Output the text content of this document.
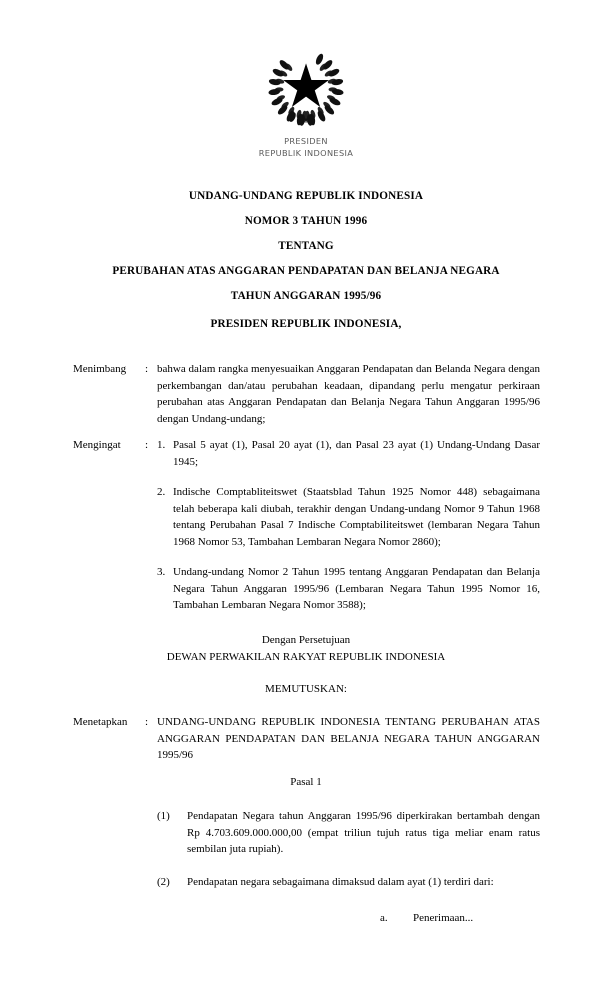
PRESIDEN
REPUBLIK INDONESIA
UNDANG-UNDANG REPUBLIK INDONESIA
NOMOR 3 TAHUN 1996
TENTANG
PERUBAHAN ATAS ANGGARAN PENDAPATAN DAN BELANJA NEGARA
TAHUN ANGGARAN 1995/96
PRESIDEN REPUBLIK INDONESIA,
Menimbang	: bahwa dalam rangka menyesuaikan Anggaran Pendapatan dan Belanda Negara dengan perkembangan dan/atau perubahan keadaan, dipandang perlu mengatur perkiraan perubahan atas Anggaran Pendapatan dan Belanja Negara Tahun Anggaran 1995/96 dengan Undang-undang;
Mengingat	: 1. Pasal 5 ayat (1), Pasal 20 ayat (1), dan Pasal 23 ayat (1) Undang-Undang Dasar 1945;
2. Indische Comptabliteitswet (Staatsblad Tahun 1925 Nomor 448) sebagaimana telah beberapa kali diubah, terakhir dengan Undang-undang Nomor 9 Tahun 1968 tentang Perubahan Pasal 7 Indische Comptabiliteitswet (lembaran Negara Tahun 1968 Nomor 53, Tambahan Lembaran Negara Nomor 2860);
3. Undang-undang Nomor 2 Tahun 1995 tentang Anggaran Pendapatan dan Belanja Negara Tahun Anggaran 1995/96 (Lembaran Negara Tahun 1995 Nomor 16, Tambahan Lembaran Negara Nomor 3588);
Dengan Persetujuan
DEWAN PERWAKILAN RAKYAT REPUBLIK INDONESIA
MEMUTUSKAN:
Menetapkan	: UNDANG-UNDANG REPUBLIK INDONESIA TENTANG PERUBAHAN ATAS ANGGARAN PENDAPATAN DAN BELANJA NEGARA TAHUN ANGGARAN 1995/96
Pasal 1
(1) Pendapatan Negara tahun Anggaran 1995/96 diperkirakan bertambah dengan Rp 4.703.609.000.000,00 (empat triliun tujuh ratus tiga meliar enam ratus sembilan juta rupiah).
(2) Pendapatan negara sebagaimana dimaksud dalam ayat (1) terdiri dari:
a. Penerimaan...
